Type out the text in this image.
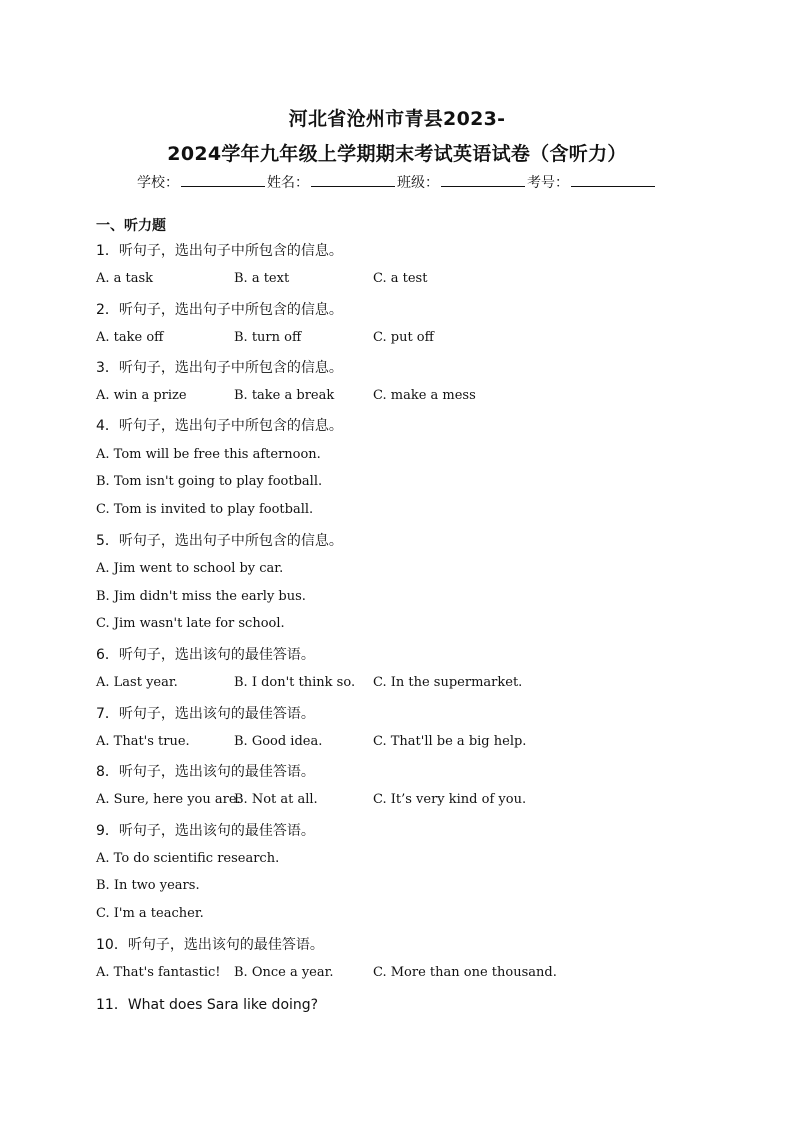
河北省沧州市青县2023-
2024学年九年级上学期期末考试英语试卷（含听力）
学校：	姓名：	班级：	考号：
一、听力题
1．听句子，选出句子中所包含的信息。
A. a task	B. a text	C. a test
2．听句子，选出句子中所包含的信息。
A. take off	B. turn off	C. put off
3．听句子，选出句子中所包含的信息。
A. win a prize	B. take a break	C. make a mess
4．听句子，选出句子中所包含的信息。
A. Tom will be free this afternoon.
B. Tom isn't going to play football.
C. Tom is invited to play football.
5．听句子，选出句子中所包含的信息。
A. Jim went to school by car.
B. Jim didn't miss the early bus.
C. Jim wasn't late for school.
6．听句子，选出该句的最佳答语。
A. Last year.	B. I don't think so. C. In the supermarket.
7．听句子，选出该句的最佳答语。
A. That's true.	B. Good idea.	C. That'll be a big help.
8．听句子，选出该句的最佳答语。
A. Sure, here you are.
B. Not at all.	C. It’s very kind of you.
9．听句子，选出该句的最佳答语。
A. To do scientific research.
B. In two years.
C. I'm a teacher.
10．听句子，选出该句的最佳答语。
A. That's fantastic! B. Once a year.	C. More than one thousand.
11．What does Sara like doing?
